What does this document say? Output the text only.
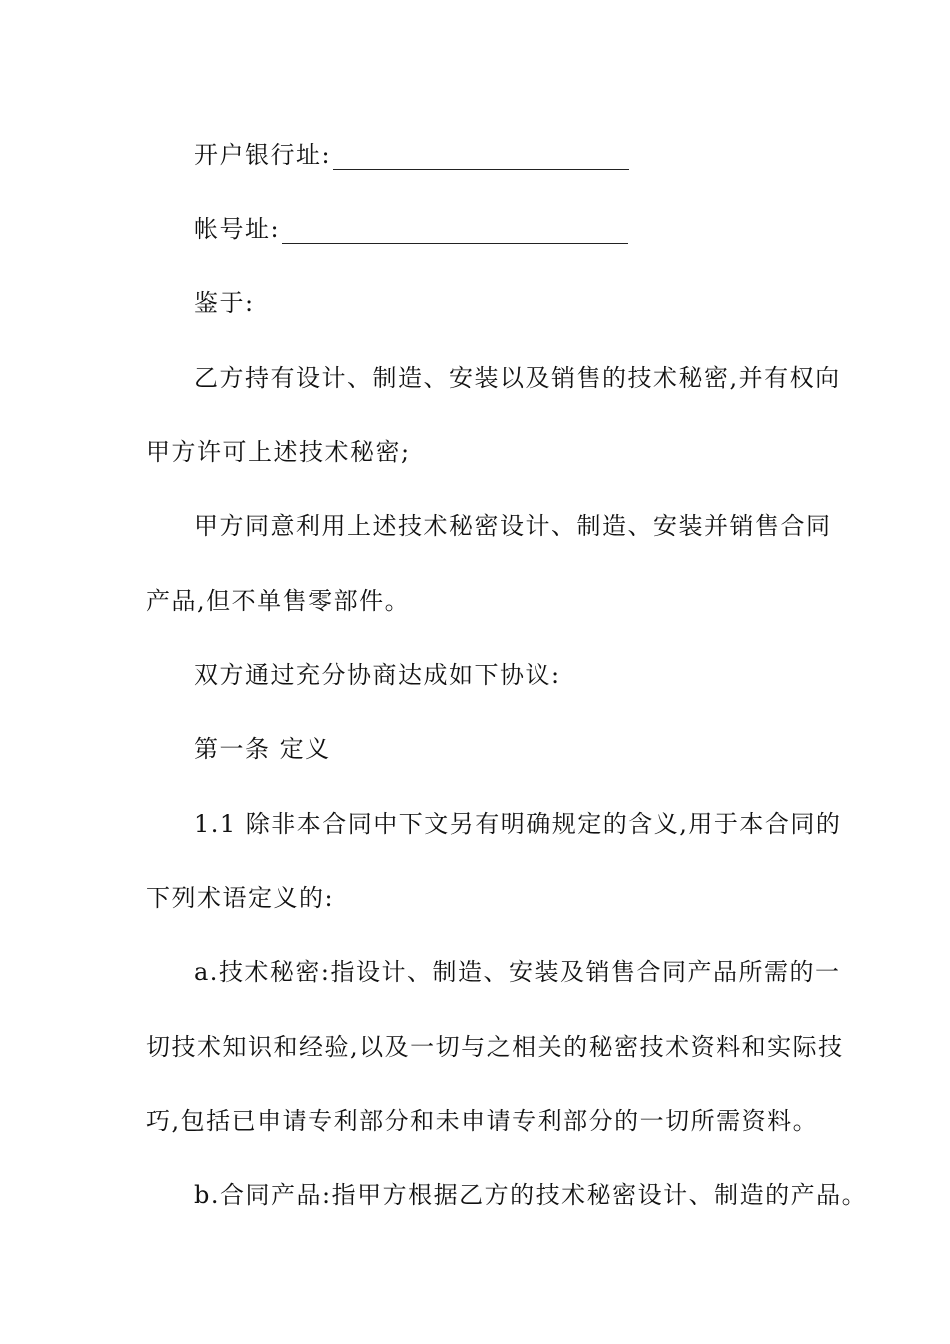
开户银行址:
帐号址:
鉴于:
乙方持有设计、制造、安装以及销售的技术秘密,并有权向
甲方许可上述技术秘密;
甲方同意利用上述技术秘密设计、制造、安装并销售合同
产品,但不单售零部件。
双方通过充分协商达成如下协议:
第一条 定义
1.1 除非本合同中下文另有明确规定的含义,用于本合同的
下列术语定义的:
a.技术秘密:指设计、制造、安装及销售合同产品所需的一
切技术知识和经验,以及一切与之相关的秘密技术资料和实际技
巧,包括已申请专利部分和未申请专利部分的一切所需资料。
b.合同产品:指甲方根据乙方的技术秘密设计、制造的产品。
